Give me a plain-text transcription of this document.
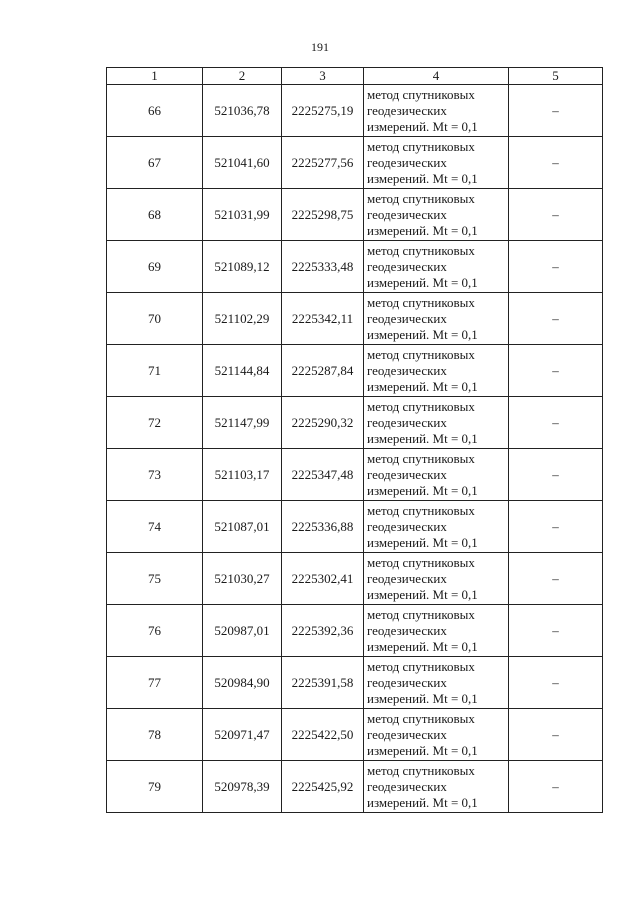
191
1	2	3	4	5
66	521036,78	2225275,19	метод спутниковых
геодезических
измерений. Mt = 0,1	–
67	521041,60	2225277,56	метод спутниковых
геодезических
измерений. Mt = 0,1	–
68	521031,99	2225298,75	метод спутниковых
геодезических
измерений. Mt = 0,1	–
69	521089,12	2225333,48	метод спутниковых
геодезических
измерений. Mt = 0,1	–
70	521102,29	2225342,11	метод спутниковых
геодезических
измерений. Mt = 0,1	–
71	521144,84	2225287,84	метод спутниковых
геодезических
измерений. Mt = 0,1	–
72	521147,99	2225290,32	метод спутниковых
геодезических
измерений. Mt = 0,1	–
73	521103,17	2225347,48	метод спутниковых
геодезических
измерений. Mt = 0,1	–
74	521087,01	2225336,88	метод спутниковых
геодезических
измерений. Mt = 0,1	–
75	521030,27	2225302,41	метод спутниковых
геодезических
измерений. Mt = 0,1	–
76	520987,01	2225392,36	метод спутниковых
геодезических
измерений. Mt = 0,1	–
77	520984,90	2225391,58	метод спутниковых
геодезических
измерений. Mt = 0,1	–
78	520971,47	2225422,50	метод спутниковых
геодезических
измерений. Mt = 0,1	–
79	520978,39	2225425,92	метод спутниковых
геодезических
измерений. Mt = 0,1	–
